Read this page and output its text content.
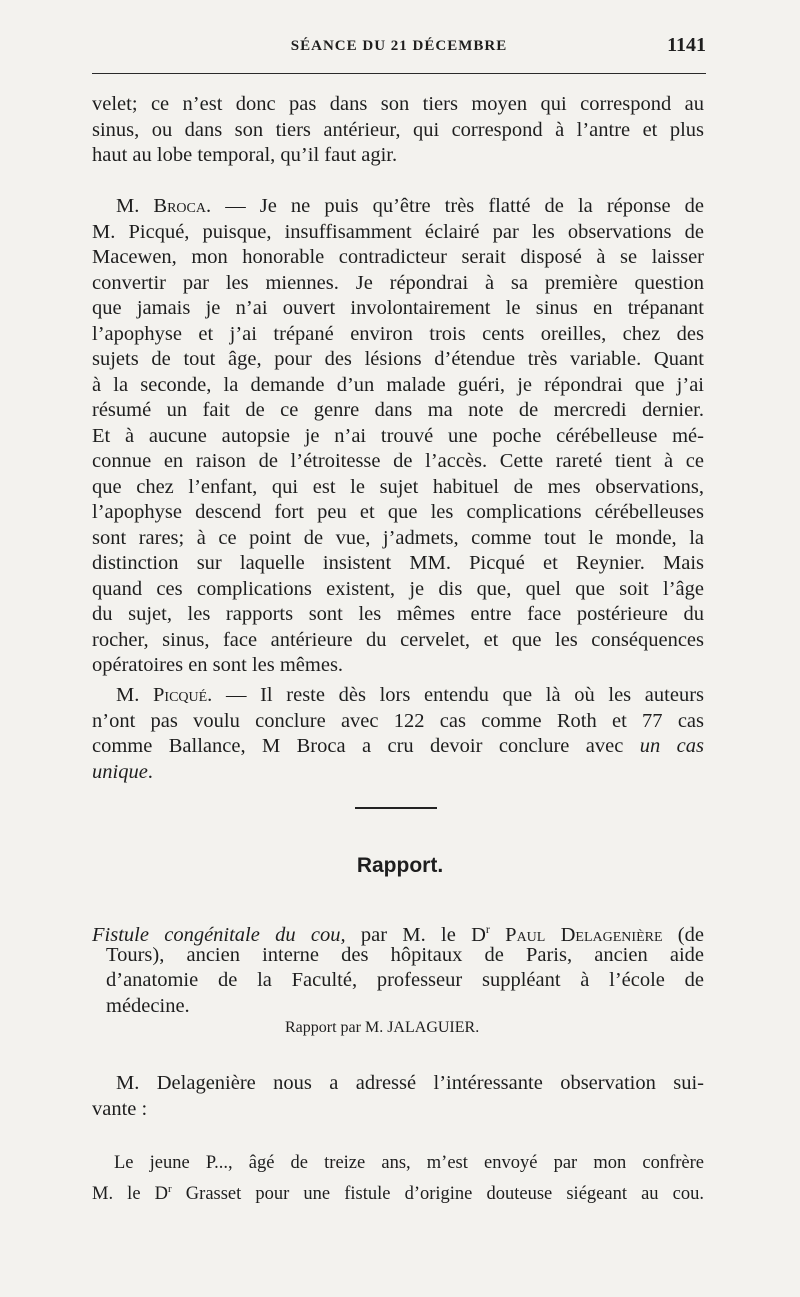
SÉANCE DU 21 DÉCEMBRE	1141
velet; ce n’est donc pas dans son tiers moyen qui correspond au
sinus, ou dans son tiers antérieur, qui correspond à l’antre et plus
haut au lobe temporal, qu’il faut agir.
M. Broca. — Je ne puis qu’être très flatté de la réponse de
M. Picqué, puisque, insuffisamment éclairé par les observations de
Macewen, mon honorable contradicteur serait disposé à se laisser
convertir par les miennes. Je répondrai à sa première question
que jamais je n’ai ouvert involontairement le sinus en trépanant
l’apophyse et j’ai trépané environ trois cents oreilles, chez des
sujets de tout âge, pour des lésions d’étendue très variable. Quant
à la seconde, la demande d’un malade guéri, je répondrai que j’ai
résumé un fait de ce genre dans ma note de mercredi dernier.
Et à aucune autopsie je n’ai trouvé une poche cérébelleuse mé-
connue en raison de l’étroitesse de l’accès. Cette rareté tient à ce
que chez l’enfant, qui est le sujet habituel de mes observations,
l’apophyse descend fort peu et que les complications cérébelleuses
sont rares; à ce point de vue, j’admets, comme tout le monde, la
distinction sur laquelle insistent MM. Picqué et Reynier. Mais
quand ces complications existent, je dis que, quel que soit l’âge
du sujet, les rapports sont les mêmes entre face postérieure du
rocher, sinus, face antérieure du cervelet, et que les conséquences
opératoires en sont les mêmes.
M. Picqué. — Il reste dès lors entendu que là où les auteurs
n’ont pas voulu conclure avec 122 cas comme Roth et 77 cas
comme Ballance, M Broca a cru devoir conclure avec un cas
unique.
Rapport.
Fistule congénitale du cou, par M. le $D^r$ Paul Delagenière (de
Tours), ancien interne des hôpitaux de Paris, ancien aide
d’anatomie de la Faculté, professeur suppléant à l’école de
médecine.
Rapport par M. JALAGUIER.
M. Delagenière nous a adressé l’intéressante observation sui-
vante :
Le jeune P..., âgé de treize ans, m’est envoyé par mon confrère
M. le $D^r$ Grasset pour une fistule d’origine douteuse siégeant au cou.
